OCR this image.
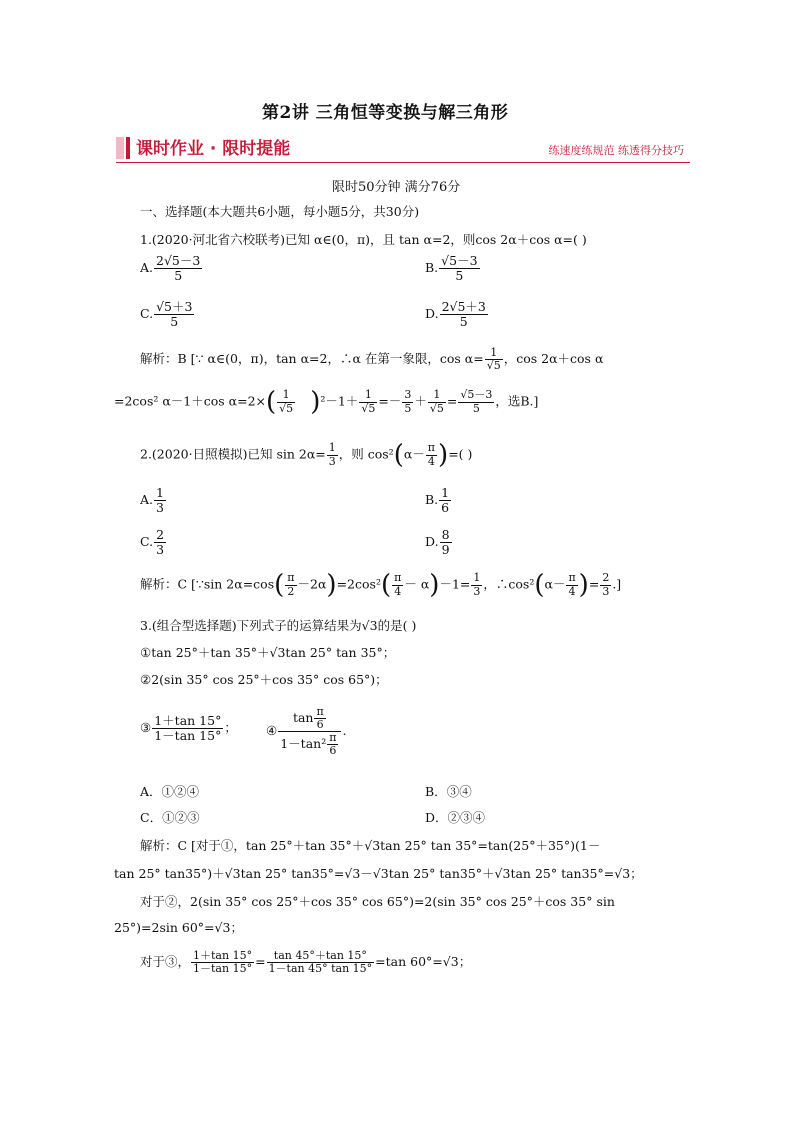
第2讲 三角恒等变换与解三角形
课时作业 · 限时提能	练速度练规范 练透得分技巧
限时50分钟 满分76分
一、选择题(本大题共6小题，每小题5分，共30分)
1.(2020·河北省六校联考)已知 α∈(0，π)，且 tan α=2，则cos 2α＋cos α=( )
A. $\frac{2√5-3}{5}$	B. $\frac{√5-3}{5}$
C. $\frac{√5+3}{5}$	D. $\frac{2√5+3}{5}$
解析：B [∵ α∈(0，π)，tan α=2，∴α 在第一象限，$\cos \alpha= \frac{1}{√5}$ ，cos 2α＋cos α
=2cos² α－1＋cos $\alpha=2\times( \frac{1}{√5} )^2-1+ \frac{1}{√5} =- \frac{3}{5} + \frac{1}{√5} = \frac{√5-3}{5}$ ，选B.]
2.(2020·日照模拟)已知 $\sin 2\alpha= \frac{1}{3}$ ，则 $\cos^2(\alpha- \frac{\pi}{4}$ )=( )
A. $\frac{1}{3}$	B. $\frac{1}{6}$
C. $\frac{2}{3}$	D. $\frac{8}{9}$
解析：C [∵sin $2\alpha=\cos( \frac{\pi}{2} -2\alpha)=2\cos^2( \frac{\pi}{4} - \alpha)-1= \frac{1}{3}$ ，∴cos²(α－ $\frac{\pi}{4}$ )= $\frac{2}{3}$ .]
3.(组合型选择题)下列式子的运算结果为√3的是( )
①tan 25°＋tan 35°＋√3tan 25° tan 35°；
②2(sin 35° cos 25°＋cos 35° cos 65°)；
③ $\frac{1+\tan 15^\circ}{1-\tan 15^\circ}$ ； ④ $\frac{\tan \frac{\pi}{6}}{1-\tan^2 \frac{\pi}{6}}$ .
A．①②④	B．③④
C．①②③	D．②③④
解析：C [对于①，tan 25°＋tan 35°＋√3tan 25° tan 35°=tan(25°＋35°)(1－
tan 25° tan35°)＋√3tan 25° tan35°=√3－√3tan 25° tan35°＋√3tan 25° tan35°=√3；
对于②，2(sin 35° cos 25°＋cos 35° cos 65°)=2(sin 35° cos 25°＋cos 35° sin
25°)=2sin 60°=√3；
对于③， $\frac{1+\tan 15^\circ}{1-\tan 15^\circ} = \frac{\tan 45^\circ+\tan 15^\circ}{1-\tan 45^\circ \tan 15^\circ} =\tan$ 60°=√3；
